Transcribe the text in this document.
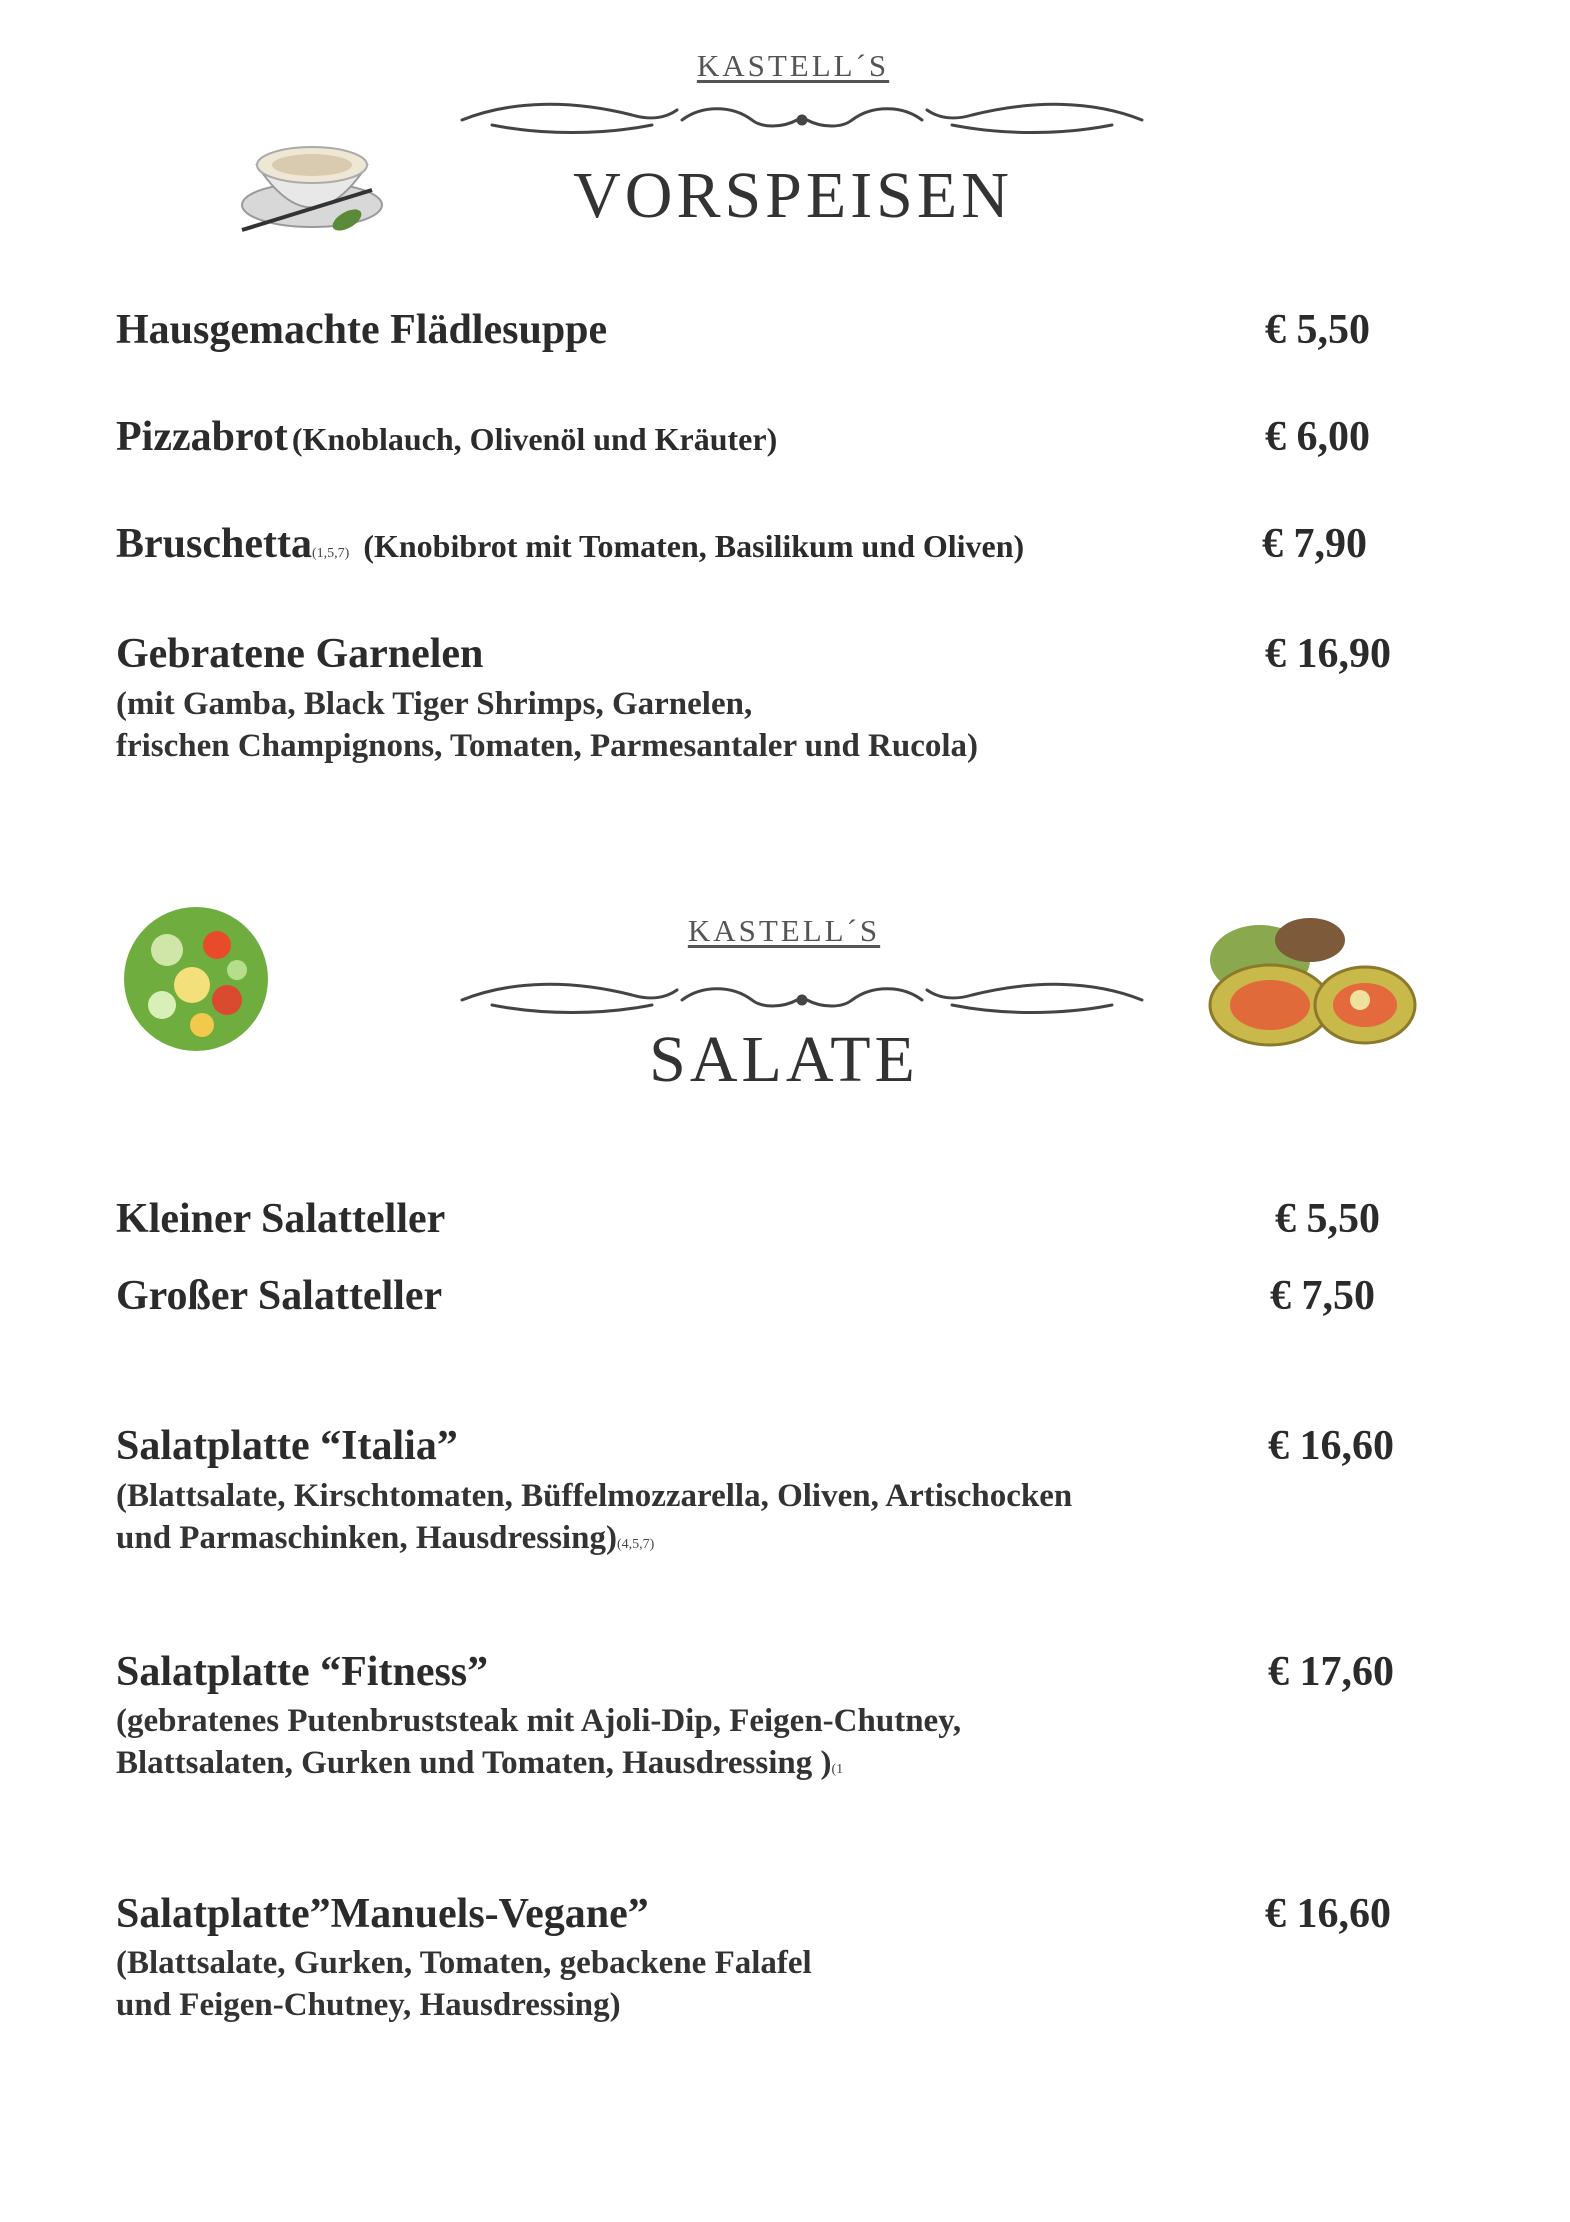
KASTELL´S
VORSPEISEN
Hausgemachte Flädlesuppe	€ 5,50
Pizzabrot (Knoblauch, Olivenöl und Kräuter)	€ 6,00
Bruschetta(1,5,7) (Knobibrot mit Tomaten, Basilikum und Oliven)	€ 7,90
Gebratene Garnelen	€ 16,90
(mit Gamba, Black Tiger Shrimps, Garnelen,
frischen Champignons, Tomaten, Parmesantaler und Rucola)
KASTELL´S
SALATE
Kleiner Salatteller	€ 5,50
Großer Salatteller	€ 7,50
Salatplatte “Italia”	€ 16,60
(Blattsalate, Kirschtomaten, Büffelmozzarella, Oliven, Artischocken
und Parmaschinken, Hausdressing)(4,5,7)
Salatplatte “Fitness”	€ 17,60
(gebratenes Putenbruststeak mit Ajoli-Dip, Feigen-Chutney,
Blattsalaten, Gurken und Tomaten, Hausdressing )(1
Salatplatte”Manuels-Vegane”	€ 16,60
(Blattsalate, Gurken, Tomaten, gebackene Falafel
und Feigen-Chutney, Hausdressing)
